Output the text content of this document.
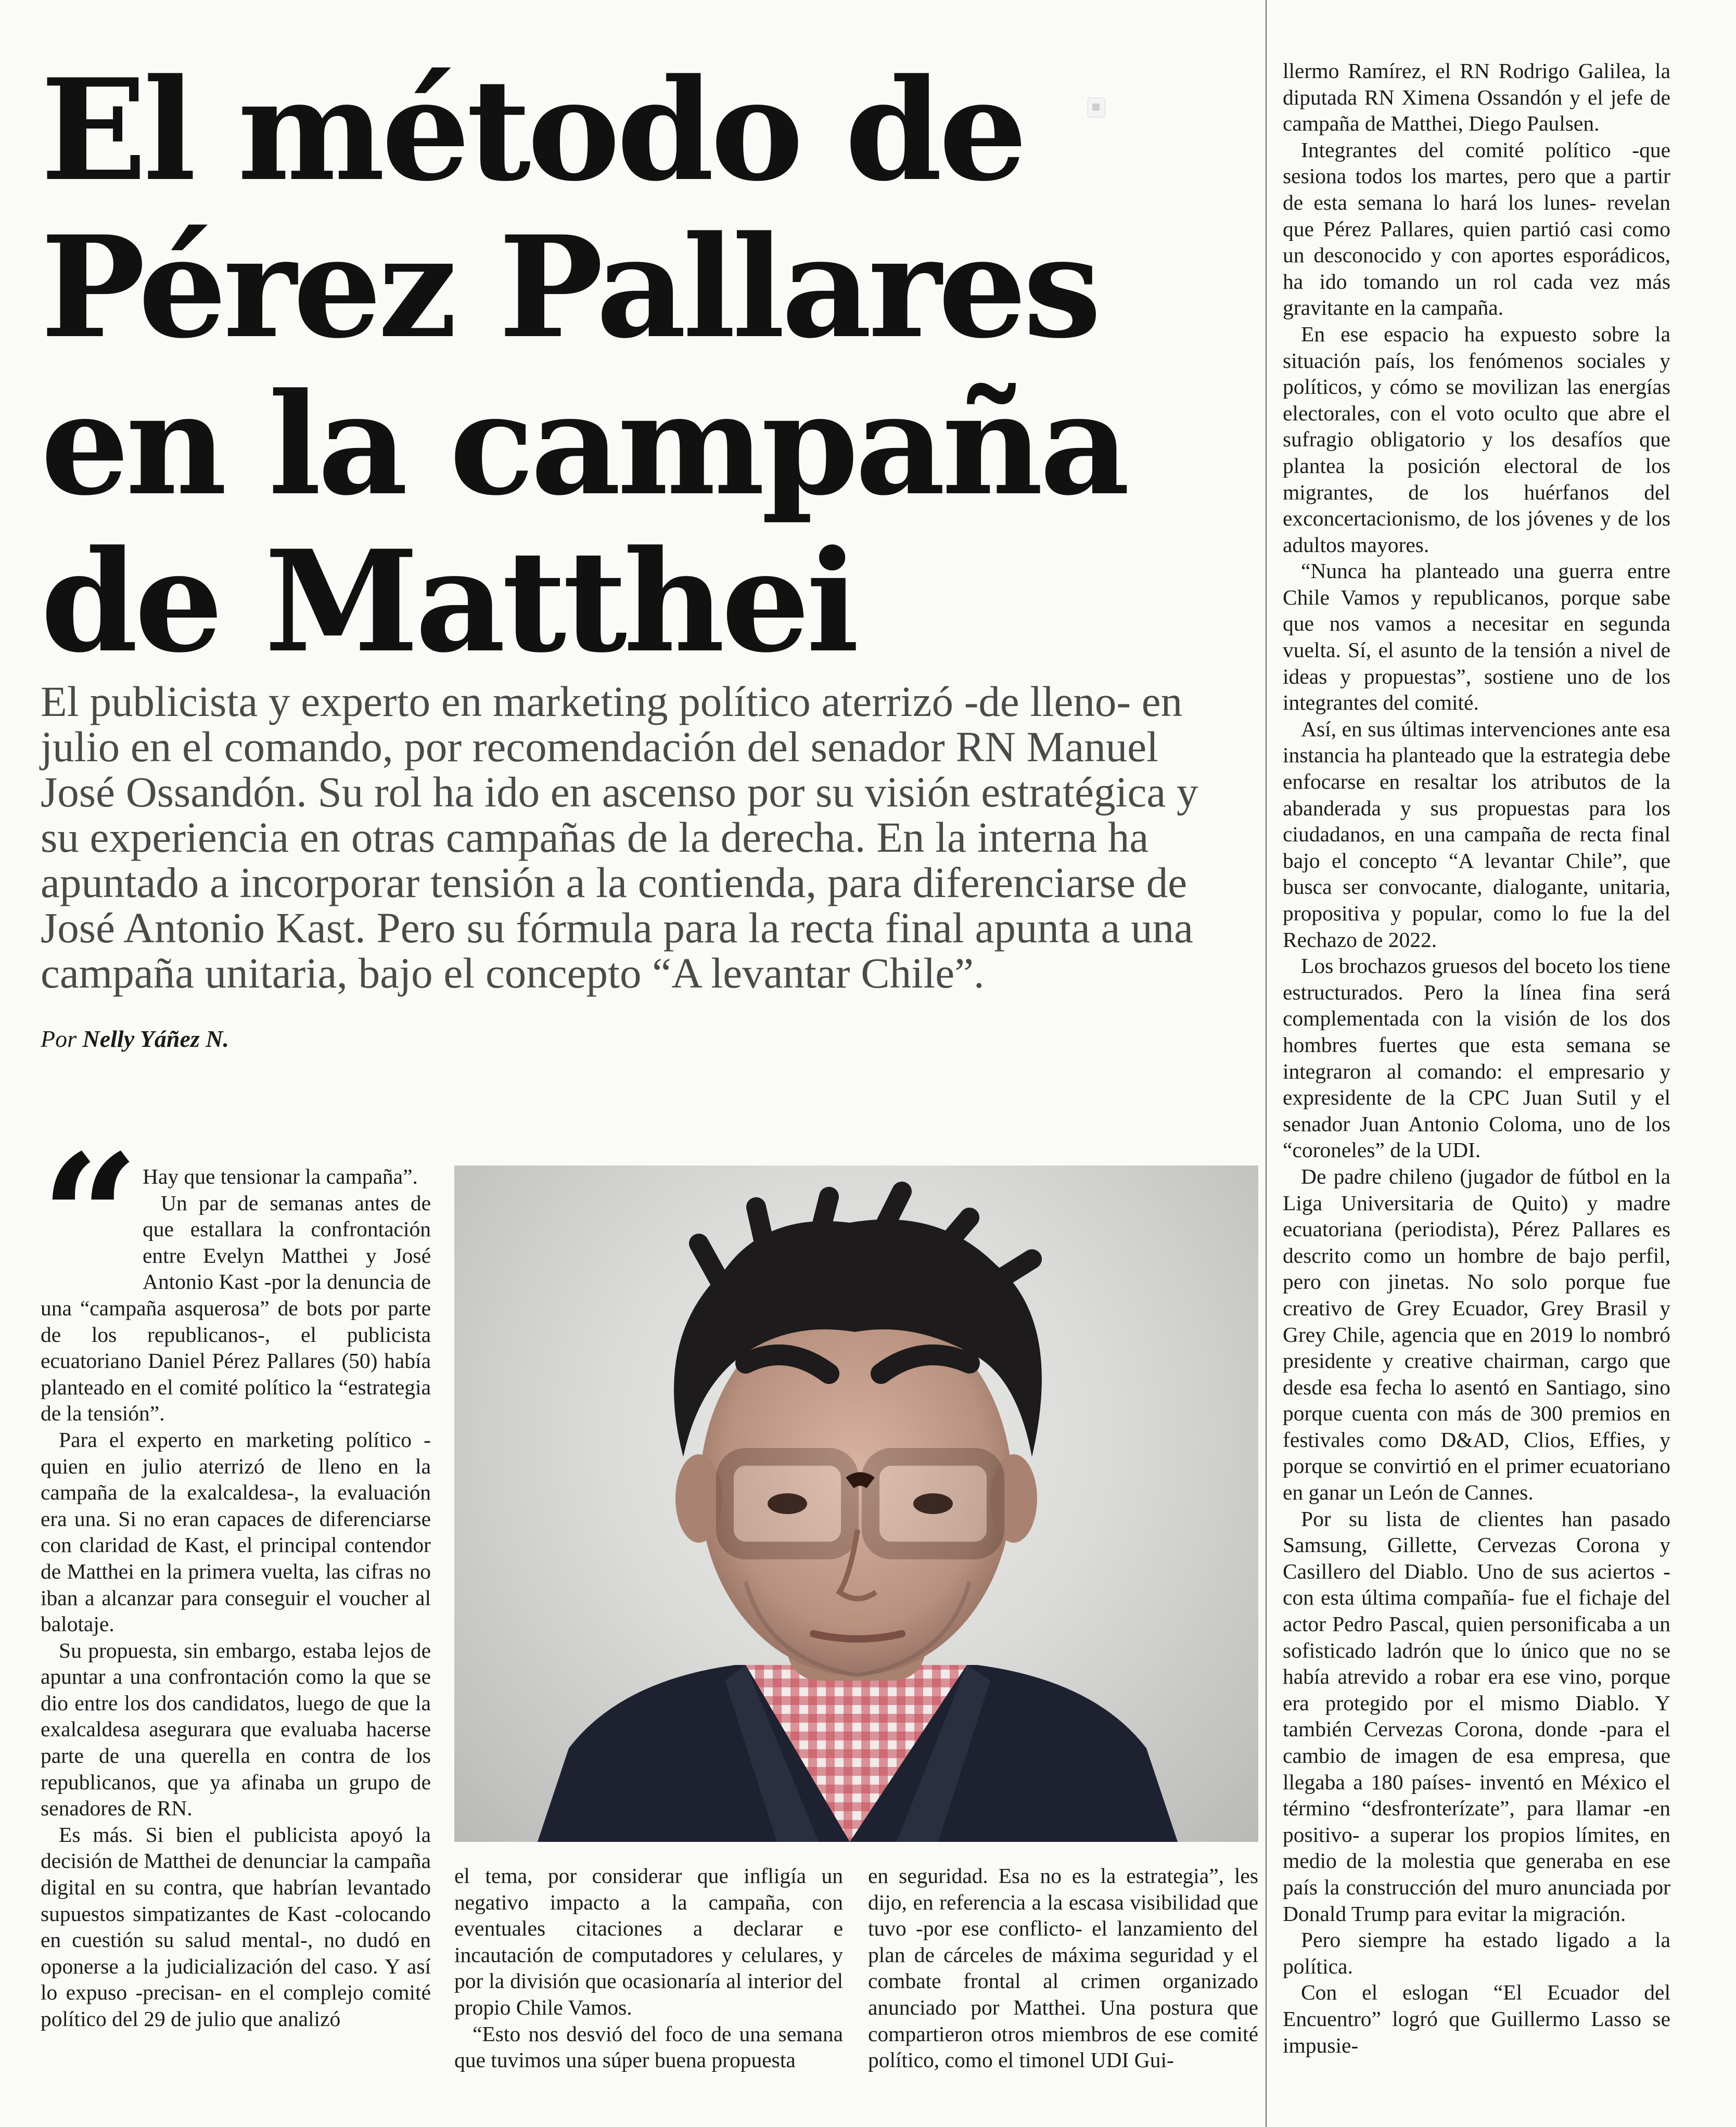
El método de
Pérez Pallares
en la campaña
de Matthei

El publicista y experto en marketing político aterrizó -de lleno- en julio en el comando, por recomendación del senador RN Manuel José Ossandón. Su rol ha ido en ascenso por su visión estratégica y su experiencia en otras campañas de la derecha. En la interna ha apuntado a incorporar tensión a la contienda, para diferenciarse de José Antonio Kast. Pero su fórmula para la recta final apunta a una campaña unitaria, bajo el concepto “A levantar Chile”.

Por Nelly Yáñez N.
“ Hay que tensionar la campaña”.

Un par de semanas antes de que estallara la confrontación entre Evelyn Matthei y José Antonio Kast -por la denuncia de una “campaña asquerosa” de bots por parte de los republicanos-, el publicista ecuatoriano Daniel Pérez Pallares (50) había planteado en el comité político la “estrategia de la tensión”.

Para el experto en marketing político -quien en julio aterrizó de lleno en la campaña de la exalcaldesa-, la evaluación era una. Si no eran capaces de diferenciarse con claridad de Kast, el principal contendor de Matthei en la primera vuelta, las cifras no iban a alcanzar para conseguir el voucher al balotaje.

Su propuesta, sin embargo, estaba lejos de apuntar a una confrontación como la que se dio entre los dos candidatos, luego de que la exalcaldesa asegurara que evaluaba hacerse parte de una querella en contra de los republicanos, que ya afinaba un grupo de senadores de RN.

Es más. Si bien el publicista apoyó la decisión de Matthei de denunciar la campaña digital en su contra, que habrían levantado supuestos simpatizantes de Kast -colocando en cuestión su salud mental-, no dudó en oponerse a la judicialización del caso. Y así lo expuso -precisan- en el complejo comité político del 29 de julio que analizó

el tema, por considerar que infligía un negativo impacto a la campaña, con eventuales citaciones a declarar e incautación de computadores y celulares, y por la división que ocasionaría al interior del propio Chile Vamos.

“Esto nos desvió del foco de una semana que tuvimos una súper buena propuesta

en seguridad. Esa no es la estrategia”, les dijo, en referencia a la escasa visibilidad que tuvo -por ese conflicto- el lanzamiento del plan de cárceles de máxima seguridad y el combate frontal al crimen organizado anunciado por Matthei. Una postura que compartieron otros miembros de ese comité político, como el timonel UDI Gui-

llermo Ramírez, el RN Rodrigo Galilea, la diputada RN Ximena Ossandón y el jefe de campaña de Matthei, Diego Paulsen.

Integrantes del comité político -que sesiona todos los martes, pero que a partir de esta semana lo hará los lunes- revelan que Pérez Pallares, quien partió casi como un desconocido y con aportes esporádicos, ha ido tomando un rol cada vez más gravitante en la campaña.

En ese espacio ha expuesto sobre la situación país, los fenómenos sociales y políticos, y cómo se movilizan las energías electorales, con el voto oculto que abre el sufragio obligatorio y los desafíos que plantea la posición electoral de los migrantes, de los huérfanos del exconcertacionismo, de los jóvenes y de los adultos mayores.

“Nunca ha planteado una guerra entre Chile Vamos y republicanos, porque sabe que nos vamos a necesitar en segunda vuelta. Sí, el asunto de la tensión a nivel de ideas y propuestas”, sostiene uno de los integrantes del comité.

Así, en sus últimas intervenciones ante esa instancia ha planteado que la estrategia debe enfocarse en resaltar los atributos de la abanderada y sus propuestas para los ciudadanos, en una campaña de recta final bajo el concepto “A levantar Chile”, que busca ser convocante, dialogante, unitaria, propositiva y popular, como lo fue la del Rechazo de 2022.

Los brochazos gruesos del boceto los tiene estructurados. Pero la línea fina será complementada con la visión de los dos hombres fuertes que esta semana se integraron al comando: el empresario y expresidente de la CPC Juan Sutil y el senador Juan Antonio Coloma, uno de los “coroneles” de la UDI.

De padre chileno (jugador de fútbol en la Liga Universitaria de Quito) y madre ecuatoriana (periodista), Pérez Pallares es descrito como un hombre de bajo perfil, pero con jinetas. No solo porque fue creativo de Grey Ecuador, Grey Brasil y Grey Chile, agencia que en 2019 lo nombró presidente y creative chairman, cargo que desde esa fecha lo asentó en Santiago, sino porque cuenta con más de 300 premios en festivales como D&AD, Clios, Effies, y porque se convirtió en el primer ecuatoriano en ganar un León de Cannes.

Por su lista de clientes han pasado Samsung, Gillette, Cervezas Corona y Casillero del Diablo. Uno de sus aciertos -con esta última compañía- fue el fichaje del actor Pedro Pascal, quien personificaba a un sofisticado ladrón que lo único que no se había atrevido a robar era ese vino, porque era protegido por el mismo Diablo. Y también Cervezas Corona, donde -para el cambio de imagen de esa empresa, que llegaba a 180 países- inventó en México el término “desfronterízate”, para llamar -en positivo- a superar los propios límites, en medio de la molestia que generaba en ese país la construcción del muro anunciada por Donald Trump para evitar la migración.

Pero siempre ha estado ligado a la política.

Con el eslogan “El Ecuador del Encuentro” logró que Guillermo Lasso se impusie-
